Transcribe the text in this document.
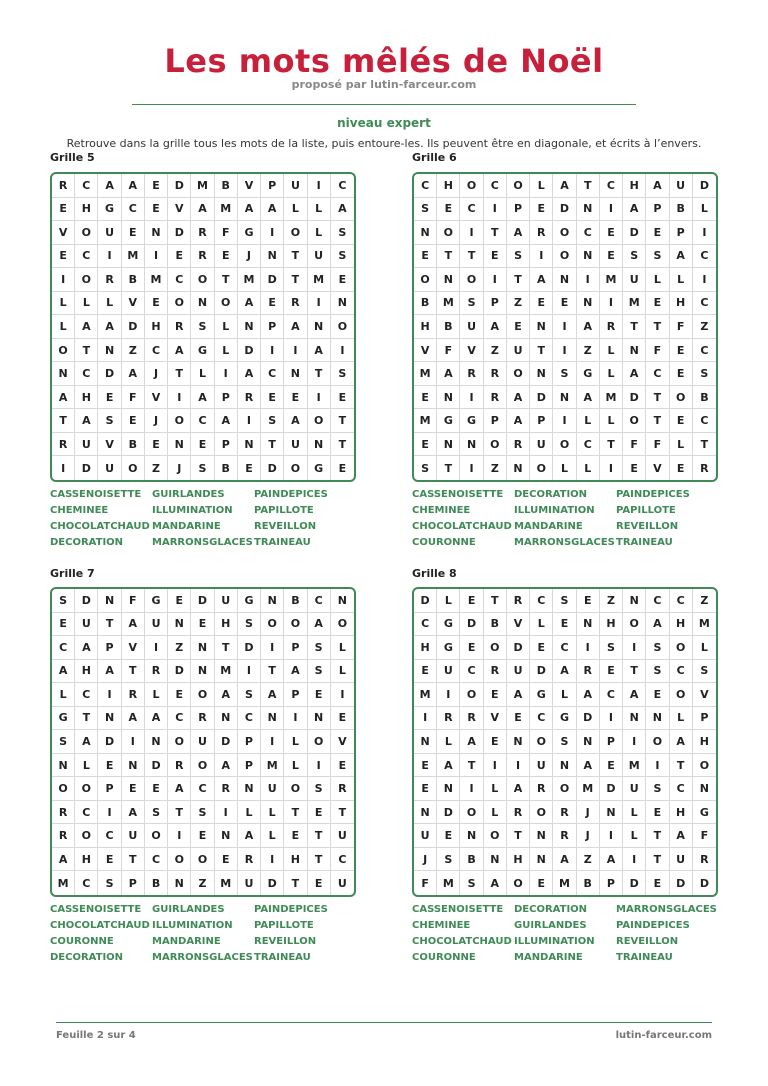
Les mots mêlés de Noël
proposé par lutin-farceur.com
niveau expert
Retrouve dans la grille tous les mots de la liste, puis entoure-les. Ils peuvent être en diagonale, et écrits à l’envers.
Grille 5
R	C	A	A	E	D	M	B	V	P	U	I	C
E	H	G	C	E	V	A	M	A	A	L	L	A
V	O	U	E	N	D	R	F	G	I	O	L	S
E	C	I	M	I	E	R	E	J	N	T	U	S
I	O	R	B	M	C	O	T	M	D	T	M	E
L	L	L	V	E	O	N	O	A	E	R	I	N
L	A	A	D	H	R	S	L	N	P	A	N	O
O	T	N	Z	C	A	G	L	D	I	I	A	I
N	C	D	A	J	T	L	I	A	C	N	T	S
A	H	E	F	V	I	A	P	R	E	E	I	E
T	A	S	E	J	O	C	A	I	S	A	O	T
R	U	V	B	E	N	E	P	N	T	U	N	T
I	D	U	O	Z	J	S	B	E	D	O	G	E
CASSENOISETTE	GUIRLANDES	PAINDEPICES
CHEMINEE	ILLUMINATION	PAPILLOTE
CHOCOLATCHAUD MANDARINE	REVEILLON
DECORATION	MARRONSGLACES TRAINEAU
Grille 6
C	H	O	C	O	L	A	T	C	H	A	U	D
S	E	C	I	P	E	D	N	I	A	P	B	L
N	O	I	T	A	R	O	C	E	D	E	P	I
E	T	T	E	S	I	O	N	E	S	S	A	C
O	N	O	I	T	A	N	I	M	U	L	L	I
B	M	S	P	Z	E	E	N	I	M	E	H	C
H	B	U	A	E	N	I	A	R	T	T	F	Z
V	F	V	Z	U	T	I	Z	L	N	F	E	C
M	A	R	R	O	N	S	G	L	A	C	E	S
E	N	I	R	A	D	N	A	M	D	T	O	B
M	G	G	P	A	P	I	L	L	O	T	E	C
E	N	N	O	R	U	O	C	T	F	F	L	T
S	T	I	Z	N	O	L	L	I	E	V	E	R
CASSENOISETTE	DECORATION	PAINDEPICES
CHEMINEE	ILLUMINATION	PAPILLOTE
CHOCOLATCHAUD MANDARINE	REVEILLON
COURONNE	MARRONSGLACES TRAINEAU
Grille 7
S	D	N	F	G	E	D	U	G	N	B	C	N
E	U	T	A	U	N	E	H	S	O	O	A	O
C	A	P	V	I	Z	N	T	D	I	P	S	L
A	H	A	T	R	D	N	M	I	T	A	S	L
L	C	I	R	L	E	O	A	S	A	P	E	I
G	T	N	A	A	C	R	N	C	N	I	N	E
S	A	D	I	N	O	U	D	P	I	L	O	V
N	L	E	N	D	R	O	A	P	M	L	I	E
O	O	P	E	E	A	C	R	N	U	O	S	R
R	C	I	A	S	T	S	I	L	L	T	E	T
R	O	C	U	O	I	E	N	A	L	E	T	U
A	H	E	T	C	O	O	E	R	I	H	T	C
M	C	S	P	B	N	Z	M	U	D	T	E	U
CASSENOISETTE	GUIRLANDES	PAINDEPICES
CHOCOLATCHAUD ILLUMINATION	PAPILLOTE
COURONNE	MANDARINE	REVEILLON
DECORATION	MARRONSGLACES TRAINEAU
Grille 8
D	L	E	T	R	C	S	E	Z	N	C	C	Z
C	G	D	B	V	L	E	N	H	O	A	H	M
H	G	E	O	D	E	C	I	S	I	S	O	L
E	U	C	R	U	D	A	R	E	T	S	C	S
M	I	O	E	A	G	L	A	C	A	E	O	V
I	R	R	V	E	C	G	D	I	N	N	L	P
N	L	A	E	N	O	S	N	P	I	O	A	H
E	A	T	I	I	U	N	A	E	M	I	T	O
E	N	I	L	A	R	O	M	D	U	S	C	N
N	D	O	L	R	O	R	J	N	L	E	H	G
U	E	N	O	T	N	R	J	I	L	T	A	F
J	S	B	N	H	N	A	Z	A	I	T	U	R
F	M	S	A	O	E	M	B	P	D	E	D	D
CASSENOISETTE	DECORATION	MARRONSGLACES
CHEMINEE	GUIRLANDES	PAINDEPICES
CHOCOLATCHAUD ILLUMINATION	REVEILLON
COURONNE	MANDARINE	TRAINEAU
Feuille 2 sur 4	lutin-farceur.com
